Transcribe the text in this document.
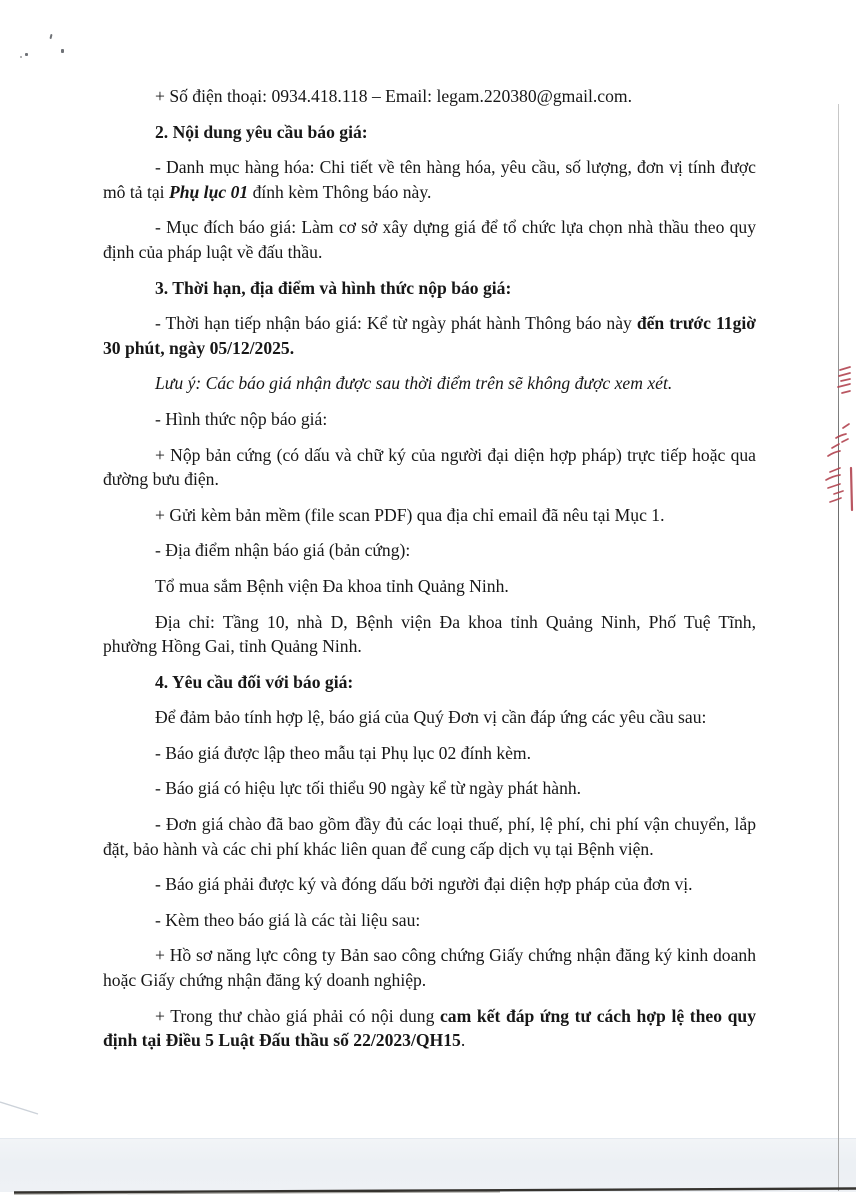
+ Số điện thoại: 0934.418.118 – Email: legam.220380@gmail.com.

2. Nội dung yêu cầu báo giá:

- Danh mục hàng hóa: Chi tiết về tên hàng hóa, yêu cầu, số lượng, đơn vị tính được mô tả tại Phụ lục 01 đính kèm Thông báo này.

- Mục đích báo giá: Làm cơ sở xây dựng giá để tổ chức lựa chọn nhà thầu theo quy định của pháp luật về đấu thầu.

3. Thời hạn, địa điểm và hình thức nộp báo giá:

- Thời hạn tiếp nhận báo giá: Kể từ ngày phát hành Thông báo này đến trước 11giờ 30 phút, ngày 05/12/2025.

Lưu ý: Các báo giá nhận được sau thời điểm trên sẽ không được xem xét.

- Hình thức nộp báo giá:

+ Nộp bản cứng (có dấu và chữ ký của người đại diện hợp pháp) trực tiếp hoặc qua đường bưu điện.

+ Gửi kèm bản mềm (file scan PDF) qua địa chỉ email đã nêu tại Mục 1.

- Địa điểm nhận báo giá (bản cứng):

Tổ mua sắm Bệnh viện Đa khoa tỉnh Quảng Ninh.

Địa chỉ: Tầng 10, nhà D, Bệnh viện Đa khoa tỉnh Quảng Ninh, Phố Tuệ Tĩnh, phường Hồng Gai, tỉnh Quảng Ninh.

4. Yêu cầu đối với báo giá:

Để đảm bảo tính hợp lệ, báo giá của Quý Đơn vị cần đáp ứng các yêu cầu sau:

- Báo giá được lập theo mẫu tại Phụ lục 02 đính kèm.

- Báo giá có hiệu lực tối thiểu 90 ngày kể từ ngày phát hành.

- Đơn giá chào đã bao gồm đầy đủ các loại thuế, phí, lệ phí, chi phí vận chuyển, lắp đặt, bảo hành và các chi phí khác liên quan để cung cấp dịch vụ tại Bệnh viện.

- Báo giá phải được ký và đóng dấu bởi người đại diện hợp pháp của đơn vị.

- Kèm theo báo giá là các tài liệu sau:

+ Hồ sơ năng lực công ty Bản sao công chứng Giấy chứng nhận đăng ký kinh doanh hoặc Giấy chứng nhận đăng ký doanh nghiệp.

+ Trong thư chào giá phải có nội dung cam kết đáp ứng tư cách hợp lệ theo quy định tại Điều 5 Luật Đấu thầu số 22/2023/QH15.
